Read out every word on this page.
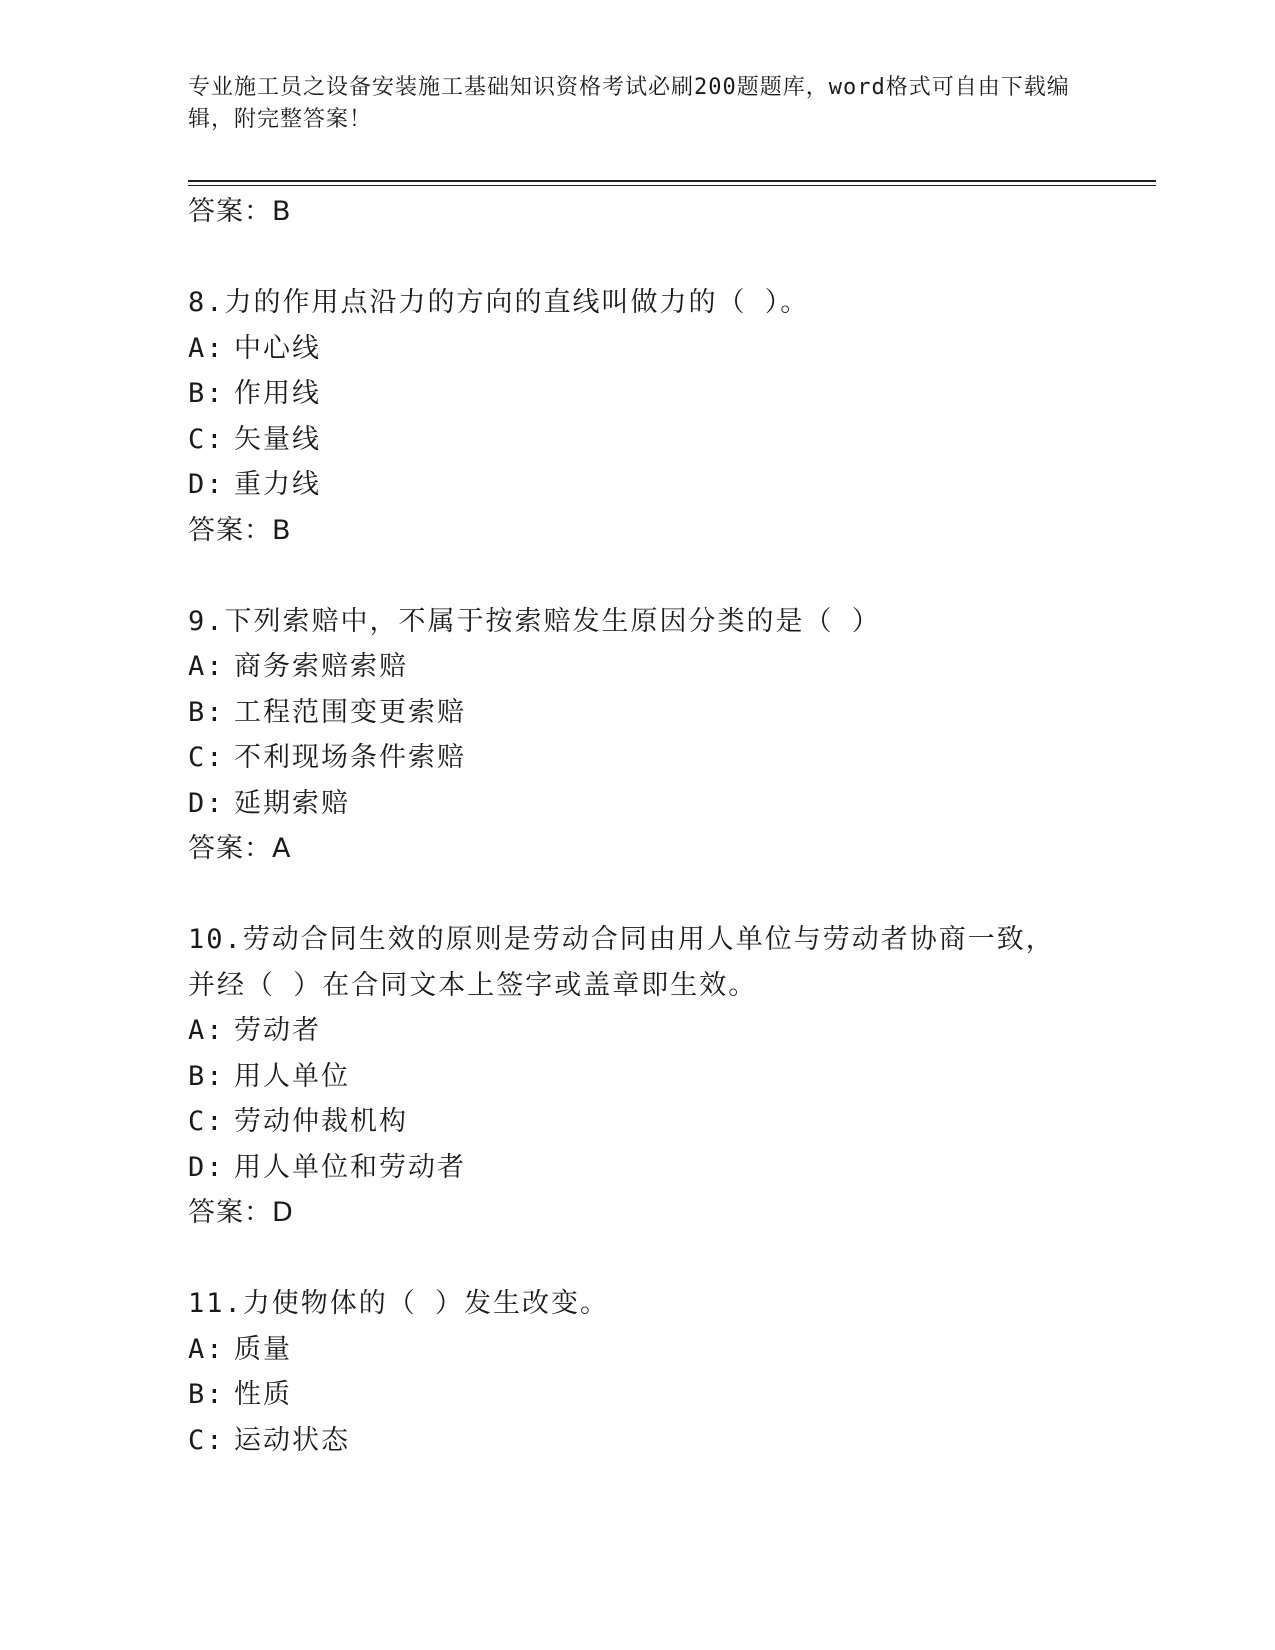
专业施工员之设备安装施工基础知识资格考试必刷200题题库，word格式可自由下载编辑，附完整答案！
答案：B
8.力的作用点沿力的方向的直线叫做力的（ ）。
A: 中心线
B: 作用线
C: 矢量线
D: 重力线
答案：B
9.下列索赔中，不属于按索赔发生原因分类的是（ ）
A: 商务索赔索赔
B: 工程范围变更索赔
C: 不利现场条件索赔
D: 延期索赔
答案：A
10.劳动合同生效的原则是劳动合同由用人单位与劳动者协商一致，并经（ ）在合同文本上签字或盖章即生效。
A: 劳动者
B: 用人单位
C: 劳动仲裁机构
D: 用人单位和劳动者
答案：D
11.力使物体的（ ）发生改变。
A: 质量
B: 性质
C: 运动状态
